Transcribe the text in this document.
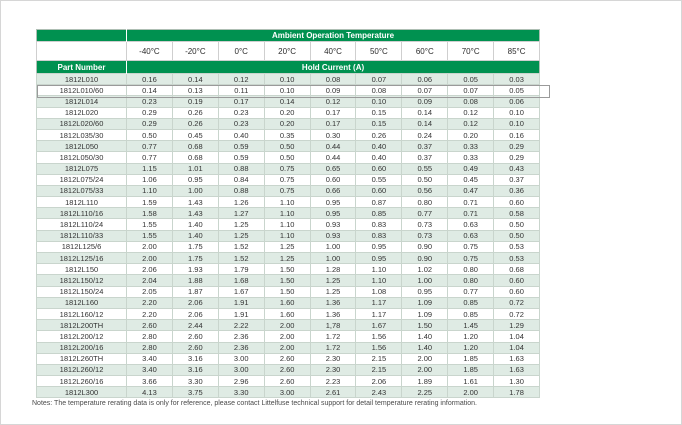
	Ambient Operation Temperature								
	-40°C	-20°C	0°C	20°C	40°C	50°C	60°C	70°C	85°C
Part Number	Hold Current (A)								
1812L010	0.16	0.14	0.12	0.10	0.08	0.07	0.06	0.05	0.03
1812L010/60	0.14	0.13	0.11	0.10	0.09	0.08	0.07	0.07	0.05
1812L014	0.23	0.19	0.17	0.14	0.12	0.10	0.09	0.08	0.06
1812L020	0.29	0.26	0.23	0.20	0.17	0.15	0.14	0.12	0.10
1812L020/60	0.29	0.26	0.23	0.20	0.17	0.15	0.14	0.12	0.10
1812L035/30	0.50	0.45	0.40	0.35	0.30	0.26	0.24	0.20	0.16
1812L050	0.77	0.68	0.59	0.50	0.44	0.40	0.37	0.33	0.29
1812L050/30	0.77	0.68	0.59	0.50	0.44	0.40	0.37	0.33	0.29
1812L075	1.15	1.01	0.88	0.75	0.65	0.60	0.55	0.49	0.43
1812L075/24	1.06	0.95	0.84	0.75	0.60	0.55	0.50	0.45	0.37
1812L075/33	1.10	1.00	0.88	0.75	0.66	0.60	0.56	0.47	0.36
1812L110	1.59	1.43	1.26	1.10	0.95	0.87	0.80	0.71	0.60
1812L110/16	1.58	1.43	1.27	1.10	0.95	0.85	0.77	0.71	0.58
1812L110/24	1.55	1.40	1.25	1.10	0.93	0.83	0.73	0.63	0.50
1812L110/33	1.55	1.40	1.25	1.10	0.93	0.83	0.73	0.63	0.50
1812L125/6	2.00	1.75	1.52	1.25	1.00	0.95	0.90	0.75	0.53
1812L125/16	2.00	1.75	1.52	1.25	1.00	0.95	0.90	0.75	0.53
1812L150	2.06	1.93	1.79	1.50	1.28	1.10	1.02	0.80	0.68
1812L150/12	2.04	1.88	1.68	1.50	1.25	1.10	1.00	0.80	0.60
1812L150/24	2.05	1.87	1.67	1.50	1.25	1.08	0.95	0.77	0.60
1812L160	2.20	2.06	1.91	1.60	1.36	1.17	1.09	0.85	0.72
1812L160/12	2.20	2.06	1.91	1.60	1.36	1.17	1.09	0.85	0.72
1812L200TH	2.60	2.44	2.22	2.00	1,78	1.67	1.50	1.45	1.29
1812L200/12	2.80	2.60	2.36	2.00	1.72	1.56	1.40	1.20	1.04
1812L200/16	2.80	2.60	2.36	2.00	1.72	1.56	1.40	1.20	1.04
1812L260TH	3.40	3.16	3.00	2.60	2.30	2.15	2.00	1.85	1.63
1812L260/12	3.40	3.16	3.00	2.60	2.30	2.15	2.00	1.85	1.63
1812L260/16	3.66	3.30	2.96	2.60	2.23	2.06	1.89	1.61	1.30
1812L300	4.13	3.75	3.30	3.00	2.61	2.43	2.25	2.00	1.78
Notes: The temperature rerating data is only for reference, please contact Littelfuse technical support for detail temperature rerating information.
